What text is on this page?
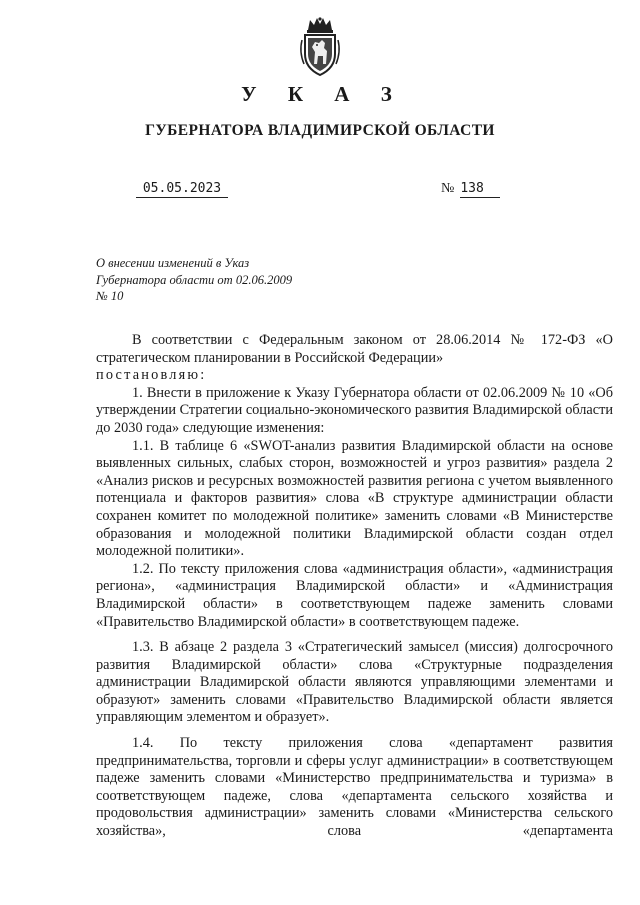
У К А З
ГУБЕРНАТОРА ВЛАДИМИРСКОЙ ОБЛАСТИ
05.05.2023	№ 138
О внесении изменений в Указ
Губернатора области от 02.06.2009
№ 10

В соответствии с Федеральным законом от 28.06.2014 № 172-ФЗ «О стратегическом планировании в Российской Федерации»

постановляю:

1. Внести в приложение к Указу Губернатора области от 02.06.2009 № 10 «Об утверждении Стратегии социально-экономического развития Владимирской области до 2030 года» следующие изменения:

1.1. В таблице 6 «SWOT-анализ развития Владимирской области на основе выявленных сильных, слабых сторон, возможностей и угроз развития» раздела 2 «Анализ рисков и ресурсных возможностей развития региона с учетом выявленного потенциала и факторов развития» слова «В структуре администрации области сохранен комитет по молодежной политике» заменить словами «В Министерстве образования и молодежной политики Владимирской области создан отдел молодежной политики».

1.2. По тексту приложения слова «администрация области», «администрация региона», «администрация Владимирской области» и «Администрация Владимирской области» в соответствующем падеже заменить словами «Правительство Владимирской области» в соответствующем падеже.

1.3. В абзаце 2 раздела 3 «Стратегический замысел (миссия) долгосрочного развития Владимирской области» слова «Структурные подразделения администрации Владимирской области являются управляющими элементами и образуют» заменить словами «Правительство Владимирской области является управляющим элементом и образует».

1.4. По тексту приложения слова «департамент развития предпринимательства, торговли и сферы услуг администрации» в соответствующем падеже заменить словами «Министерство предпринимательства и туризма» в соответствующем падеже, слова «департамента сельского хозяйства и продовольствия администрации» заменить словами «Министерства сельского хозяйства», слова «департамента
